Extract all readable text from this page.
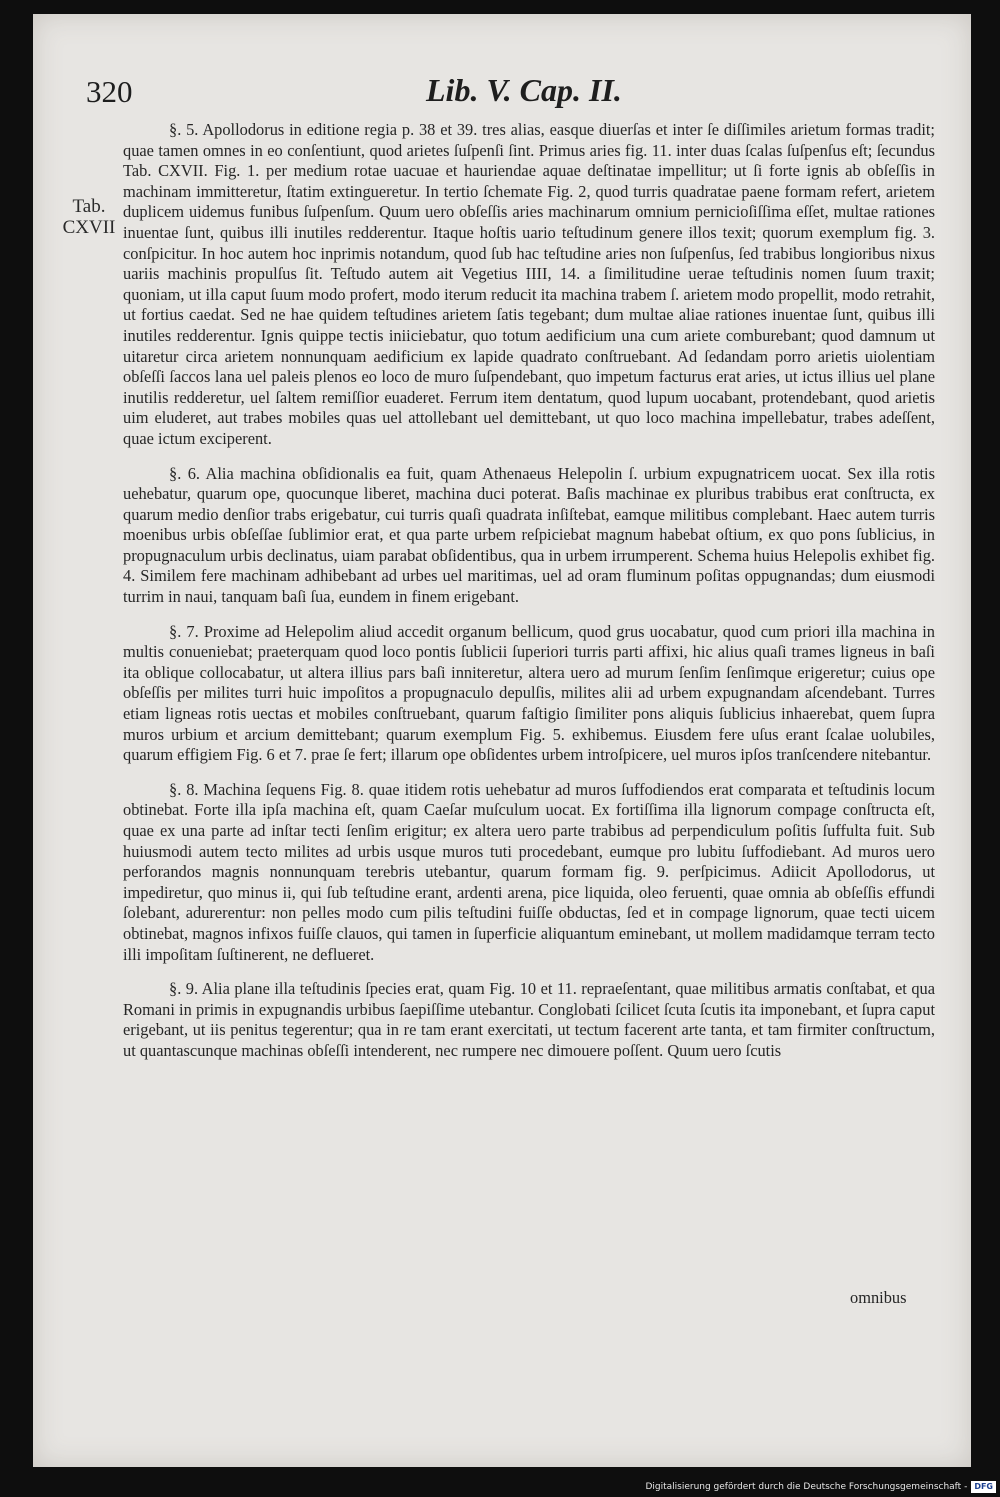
320	Lib. V. Cap. II.
Tab.
CXVII

§. 5. Apollodorus in editione regia p. 38 et 39. tres alias, easque diuerſas et inter ſe diſſimiles arietum formas tradit; quae tamen omnes in eo conſentiunt, quod arietes ſuſpenſi ſint. Primus aries fig. 11. inter duas ſcalas ſuſpenſus eſt; ſecundus Tab. CXVII. Fig. 1. per medium rotae uacuae et hauriendae aquae deſtinatae impellitur; ut ſi forte ignis ab obſeſſis in machinam immitteretur, ſtatim extingueretur. In tertio ſchemate Fig. 2, quod turris quadratae paene formam refert, arietem duplicem uidemus funibus ſuſpenſum. Quum uero obſeſſis aries machinarum omnium pernicioſiſſima eſſet, multae rationes inuentae ſunt, quibus illi inutiles redderentur. Itaque hoſtis uario teſtudinum genere illos texit; quorum exemplum fig. 3. conſpicitur. In hoc autem hoc inprimis notandum, quod ſub hac teſtudine aries non ſuſpenſus, ſed trabibus longioribus nixus uariis machinis propulſus ſit. Teſtudo autem ait Vegetius IIII, 14. a ſimilitudine uerae teſtudinis nomen ſuum traxit; quoniam, ut illa caput ſuum modo profert, modo iterum reducit ita machina trabem ſ. arietem modo propellit, modo retrahit, ut fortius caedat. Sed ne hae quidem teſtudines arietem ſatis tegebant; dum multae aliae rationes inuentae ſunt, quibus illi inutiles redderentur. Ignis quippe tectis iniiciebatur, quo totum aedificium una cum ariete comburebant; quod damnum ut uitaretur circa arietem nonnunquam aedificium ex lapide quadrato conſtruebant. Ad ſedandam porro arietis uiolentiam obſeſſi ſaccos lana uel paleis plenos eo loco de muro ſuſpendebant, quo impetum facturus erat aries, ut ictus illius uel plane inutilis redderetur, uel ſaltem remiſſior euaderet. Ferrum item dentatum, quod lupum uocabant, protendebant, quod arietis uim eluderet, aut trabes mobiles quas uel attollebant uel demittebant, ut quo loco machina impellebatur, trabes adeſſent, quae ictum exciperent.

§. 6. Alia machina obſidionalis ea fuit, quam Athenaeus Helepolin ſ. urbium expugnatricem uocat. Sex illa rotis uehebatur, quarum ope, quocunque liberet, machina duci poterat. Baſis machinae ex pluribus trabibus erat conſtructa, ex quarum medio denſior trabs erigebatur, cui turris quaſi quadrata inſiſtebat, eamque militibus complebant. Haec autem turris moenibus urbis obſeſſae ſublimior erat, et qua parte urbem reſpiciebat magnum habebat oſtium, ex quo pons ſublicius, in propugnaculum urbis declinatus, uiam parabat obſidentibus, qua in urbem irrumperent. Schema huius Helepolis exhibet fig. 4. Similem fere machinam adhibebant ad urbes uel maritimas, uel ad oram fluminum poſitas oppugnandas; dum eiusmodi turrim in naui, tanquam baſi ſua, eundem in finem erigebant.

§. 7. Proxime ad Helepolim aliud accedit organum bellicum, quod grus uocabatur, quod cum priori illa machina in multis conueniebat; praeterquam quod loco pontis ſublicii ſuperiori turris parti affixi, hic alius quaſi trames ligneus in baſi ita oblique collocabatur, ut altera illius pars baſi inniteretur, altera uero ad murum ſenſim ſenſimque erigeretur; cuius ope obſeſſis per milites turri huic impoſitos a propugnaculo depulſis, milites alii ad urbem expugnandam aſcendebant. Turres etiam ligneas rotis uectas et mobiles conſtruebant, quarum faſtigio ſimiliter pons aliquis ſublicius inhaerebat, quem ſupra muros urbium et arcium demittebant; quarum exemplum Fig. 5. exhibemus. Eiusdem fere uſus erant ſcalae uolubiles, quarum effigiem Fig. 6 et 7. prae ſe fert; illarum ope obſidentes urbem introſpicere, uel muros ipſos tranſcendere nitebantur.

§. 8. Machina ſequens Fig. 8. quae itidem rotis uehebatur ad muros ſuffodiendos erat comparata et teſtudinis locum obtinebat. Forte illa ipſa machina eſt, quam Caeſar muſculum uocat. Ex fortiſſima illa lignorum compage conſtructa eſt, quae ex una parte ad inſtar tecti ſenſim erigitur; ex altera uero parte trabibus ad perpendiculum poſitis ſuffulta fuit. Sub huiusmodi autem tecto milites ad urbis usque muros tuti procedebant, eumque pro lubitu ſuffodiebant. Ad muros uero perforandos magnis nonnunquam terebris utebantur, quarum formam fig. 9. perſpicimus. Adiicit Apollodorus, ut impediretur, quo minus ii, qui ſub teſtudine erant, ardenti arena, pice liquida, oleo feruenti, quae omnia ab obſeſſis effundi ſolebant, adurerentur: non pelles modo cum pilis teſtudini fuiſſe obductas, ſed et in compage lignorum, quae tecti uicem obtinebat, magnos infixos fuiſſe clauos, qui tamen in ſuperficie aliquantum eminebant, ut mollem madidamque terram tecto illi impoſitam ſuſtinerent, ne deflueret.

§. 9. Alia plane illa teſtudinis ſpecies erat, quam Fig. 10 et 11. repraeſentant, quae militibus armatis conſtabat, et qua Romani in primis in expugnandis urbibus ſaepiſſime utebantur. Conglobati ſcilicet ſcuta ſcutis ita imponebant, et ſupra caput erigebant, ut iis penitus tegerentur; qua in re tam erant exercitati, ut tectum facerent arte tanta, et tam firmiter conſtructum, ut quantascunque machinas obſeſſi intenderent, nec rumpere nec dimouere poſſent. Quum uero ſcutis

omnibus
Digitalisierung gefördert durch die Deutsche Forschungsgemeinschaft - DFG
